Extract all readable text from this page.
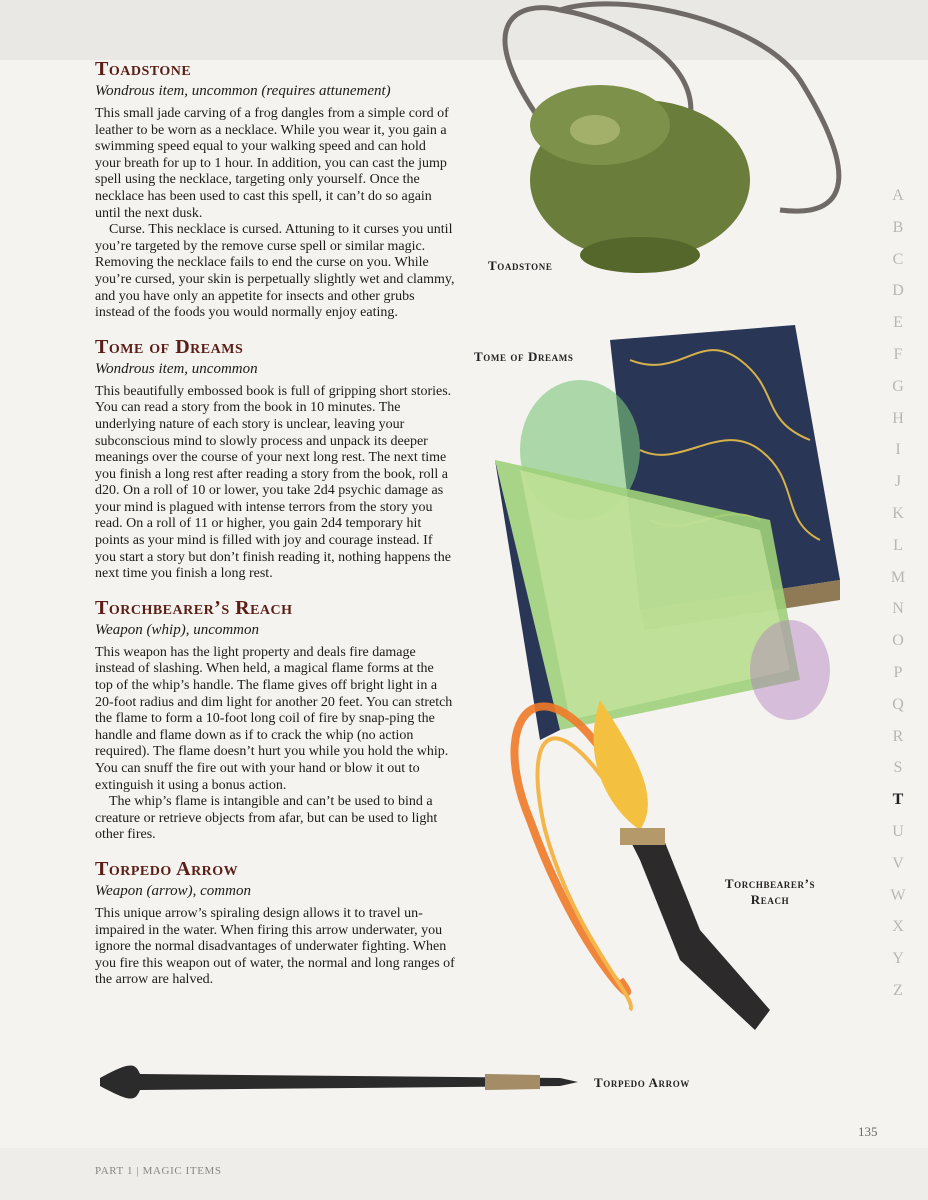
Toadstone
Wondrous item, uncommon (requires attunement)

This small jade carving of a frog dangles from a simple cord of leather to be worn as a necklace. While you wear it, you gain a swimming speed equal to your walking speed and can hold your breath for up to 1 hour. In addition, you can cast the jump spell using the necklace, targeting only yourself. Once the necklace has been used to cast this spell, it can’t do so again until the next dusk.

Curse. This necklace is cursed. Attuning to it curses you until you’re targeted by the remove curse spell or similar magic. Removing the necklace fails to end the curse on you. While you’re cursed, your skin is perpetually slightly wet and clammy, and you have only an appetite for insects and other grubs instead of the foods you would normally enjoy eating.

Tome of Dreams
Wondrous item, uncommon

This beautifully embossed book is full of gripping short stories. You can read a story from the book in 10 minutes. The underlying nature of each story is unclear, leaving your subconscious mind to slowly process and unpack its deeper meanings over the course of your next long rest. The next time you finish a long rest after reading a story from the book, roll a d20. On a roll of 10 or lower, you take 2d4 psychic damage as your mind is plagued with intense terrors from the story you read. On a roll of 11 or higher, you gain 2d4 temporary hit points as your mind is filled with joy and courage instead. If you start a story but don’t finish reading it, nothing happens the next time you finish a long rest.

Torchbearer’s Reach
Weapon (whip), uncommon

This weapon has the light property and deals fire damage instead of slashing. When held, a magical flame forms at the top of the whip’s handle. The flame gives off bright light in a 20-foot radius and dim light for another 20 feet. You can stretch the flame to form a 10-foot long coil of fire by snap-ping the handle and flame down as if to crack the whip (no action required). The flame doesn’t hurt you while you hold the whip. You can snuff the fire out with your hand or blow it out to extinguish it using a bonus action.

The whip’s flame is intangible and can’t be used to bind a creature or retrieve objects from afar, but can be used to light other fires.

Torpedo Arrow
Weapon (arrow), common

This unique arrow’s spiraling design allows it to travel un-impaired in the water. When firing this arrow underwater, you ignore the normal disadvantages of underwater fighting. When you fire this weapon out of water, the normal and long ranges of the arrow are halved.

Toadstone
Tome of Dreams
Torchbearer’s
Reach
Torpedo Arrow
A
B
C
D
E
F
G
H
I
J
K
L
M
N
O
P
Q
R
S
T
U
V
W
X
Y
Z
135
PART 1 | MAGIC ITEMS
